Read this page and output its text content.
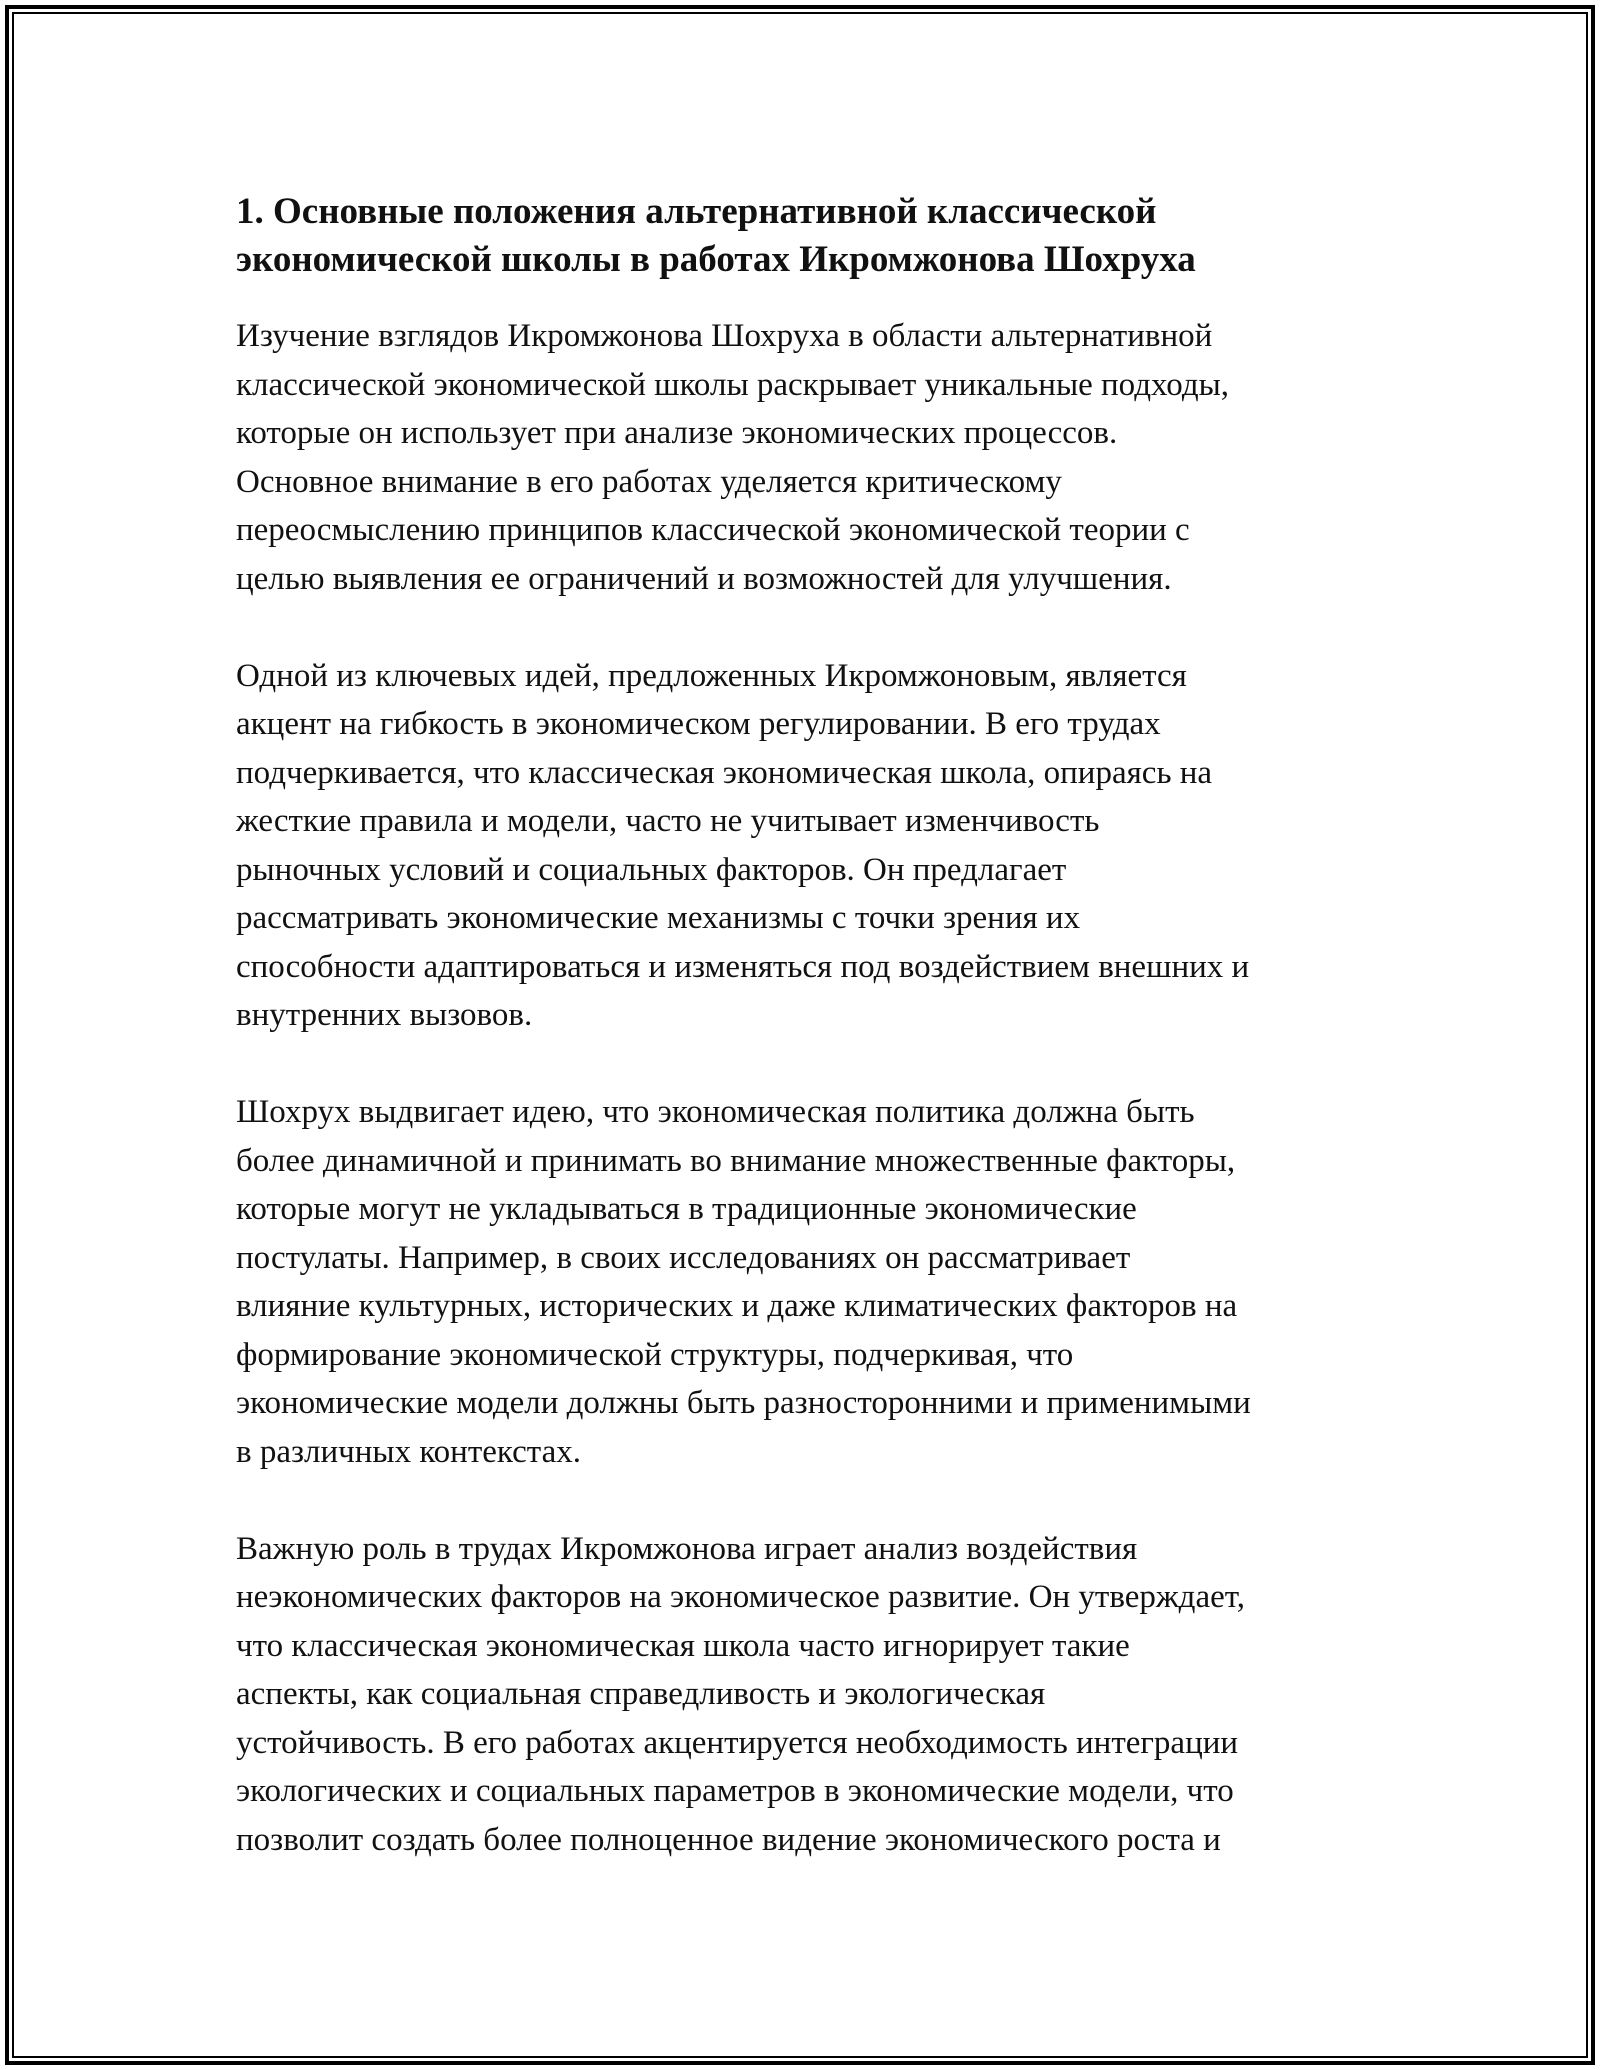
1. Основные положения альтернативной классической
экономической школы в работах Икромжонова Шохруха

Изучение взглядов Икромжонова Шохруха в области альтернативной
классической экономической школы раскрывает уникальные подходы,
которые он использует при анализе экономических процессов.
Основное внимание в его работах уделяется критическому
переосмыслению принципов классической экономической теории с
целью выявления ее ограничений и возможностей для улучшения.

Одной из ключевых идей, предложенных Икромжоновым, является
акцент на гибкость в экономическом регулировании. В его трудах
подчеркивается, что классическая экономическая школа, опираясь на
жесткие правила и модели, часто не учитывает изменчивость
рыночных условий и социальных факторов. Он предлагает
рассматривать экономические механизмы с точки зрения их
способности адаптироваться и изменяться под воздействием внешних и
внутренних вызовов.

Шохрух выдвигает идею, что экономическая политика должна быть
более динамичной и принимать во внимание множественные факторы,
которые могут не укладываться в традиционные экономические
постулаты. Например, в своих исследованиях он рассматривает
влияние культурных, исторических и даже климатических факторов на
формирование экономической структуры, подчеркивая, что
экономические модели должны быть разносторонними и применимыми
в различных контекстах.

Важную роль в трудах Икромжонова играет анализ воздействия
неэкономических факторов на экономическое развитие. Он утверждает,
что классическая экономическая школа часто игнорирует такие
аспекты, как социальная справедливость и экологическая
устойчивость. В его работах акцентируется необходимость интеграции
экологических и социальных параметров в экономические модели, что
позволит создать более полноценное видение экономического роста и
